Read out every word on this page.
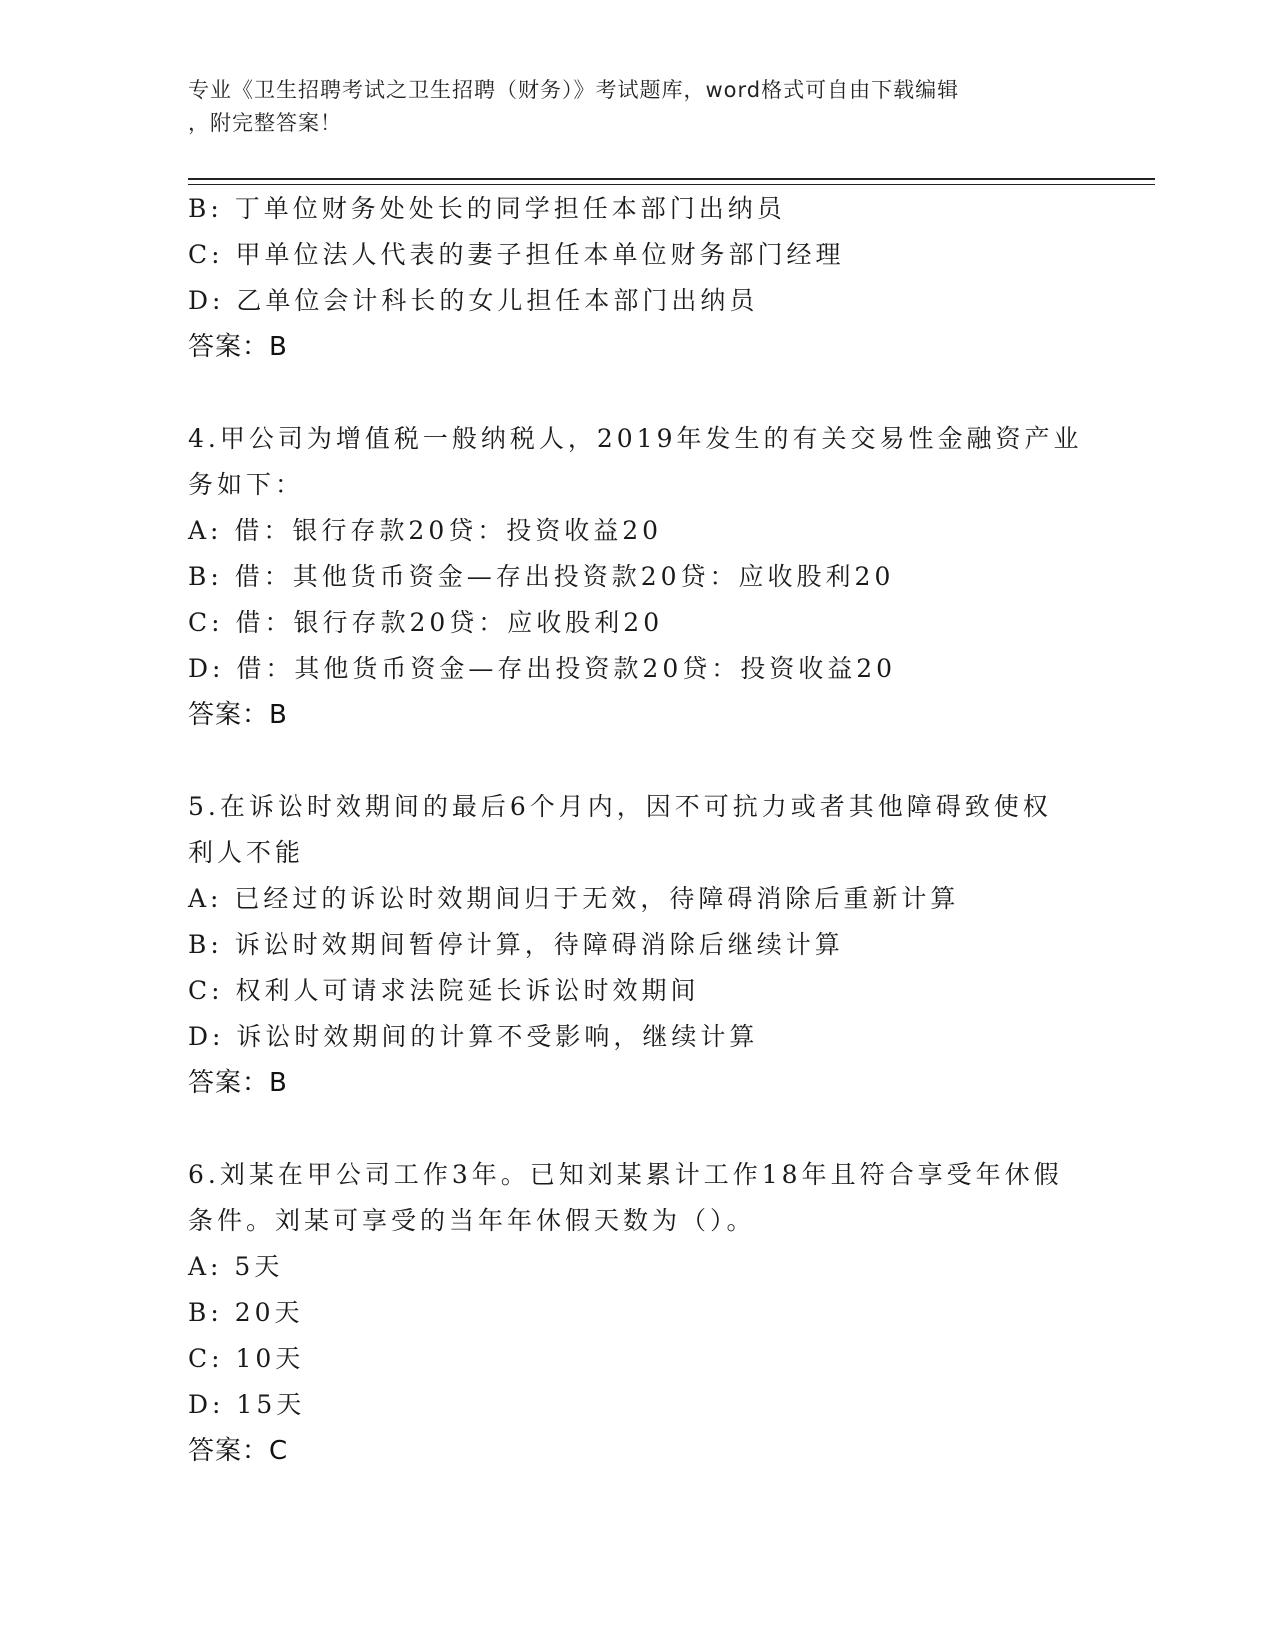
专业《卫生招聘考试之卫生招聘（财务）》考试题库，word格式可自由下载编辑
，附完整答案！
B: 丁单位财务处处长的同学担任本部门出纳员
C: 甲单位法人代表的妻子担任本单位财务部门经理
D: 乙单位会计科长的女儿担任本部门出纳员
答案：B
4.甲公司为增值税一般纳税人，2019年发生的有关交易性金融资产业
务如下：
A: 借：银行存款20贷：投资收益20
B: 借：其他货币资金—存出投资款20贷：应收股利20
C: 借：银行存款20贷：应收股利20
D: 借：其他货币资金—存出投资款20贷：投资收益20
答案：B
5.在诉讼时效期间的最后6个月内，因不可抗力或者其他障碍致使权
利人不能
A: 已经过的诉讼时效期间归于无效，待障碍消除后重新计算
B: 诉讼时效期间暂停计算，待障碍消除后继续计算
C: 权利人可请求法院延长诉讼时效期间
D: 诉讼时效期间的计算不受影响，继续计算
答案：B
6.刘某在甲公司工作3年。已知刘某累计工作18年且符合享受年休假
条件。刘某可享受的当年年休假天数为（）。
A: 5天
B: 20天
C: 10天
D: 15天
答案：C
